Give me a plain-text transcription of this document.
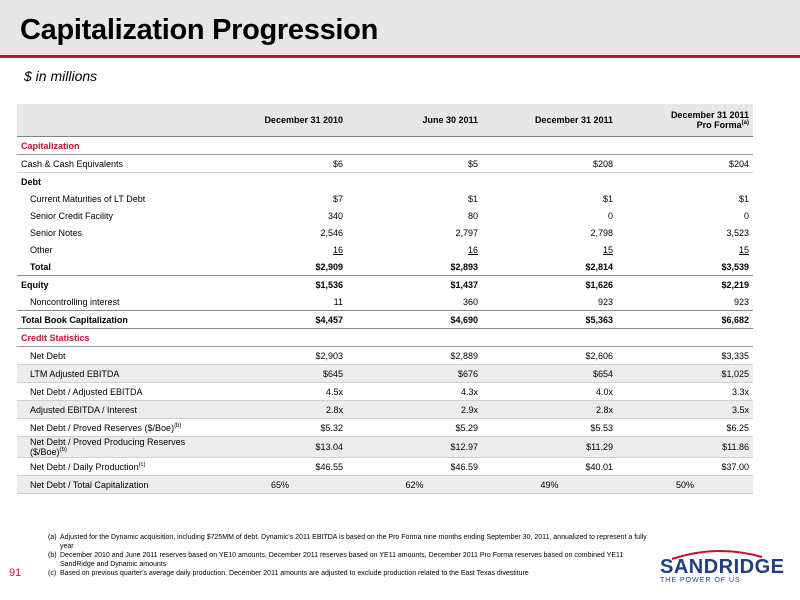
Capitalization Progression
$ in millions
	December 31 2010	June 30 2011	December 31 2011	December 31 2011
Pro Forma$^{(a)}$
Capitalization				
Cash & Cash Equivalents	$6	$5	$208	$204
Debt				
Current Maturities of LT Debt	$7	$1	$1	$1
Senior Credit Facility	340	80	0	0
Senior Notes	2,546	2,797	2,798	3,523
Other	16	16	15	15
Total	$2,909	$2,893	$2,814	$3,539
Equity	$1,536	$1,437	$1,626	$2,219
Noncontrolling interest	11	360	923	923
Total Book Capitalization	$4,457	$4,690	$5,363	$6,682
Credit Statistics				
Net Debt	$2,903	$2,889	$2,606	$3,335
LTM Adjusted EBITDA	$645	$676	$654	$1,025
Net Debt / Adjusted EBITDA	4.5x	4.3x	4.0x	3.3x
Adjusted EBITDA / Interest	2.8x	2.9x	2.8x	3.5x
Net Debt / Proved Reserves ($/Boe)$^{(b)}$	$5.32	$5.29	$5.53	$6.25
Net Debt / Proved Producing Reserves ($/Boe)$^{(b)}$	$13.04	$12.97	$11.29	$11.86
Net Debt / Daily Production$^{(c)}$	$46.55	$46.59	$40.01	$37.00
Net Debt / Total Capitalization	65%	62%	49%	50%
91
(a) Adjusted for the Dynamic acquisition, including $725MM of debt. Dynamic's 2011 EBITDA is based on the Pro Forma nine months ending September 30, 2011, annualized to represent a fully year
(b) December 2010 and June 2011 reserves based on YE10 amounts, December 2011 reserves based on YE11 amounts, December 2011 Pro Forma reserves based on combined YE11 SandRidge and Dynamic amounts
(c) Based on previous quarter's average daily production. December 2011 amounts are adjusted to exclude production related to the East Texas divestiture	SANDRIDGE
THE POWER OF US
